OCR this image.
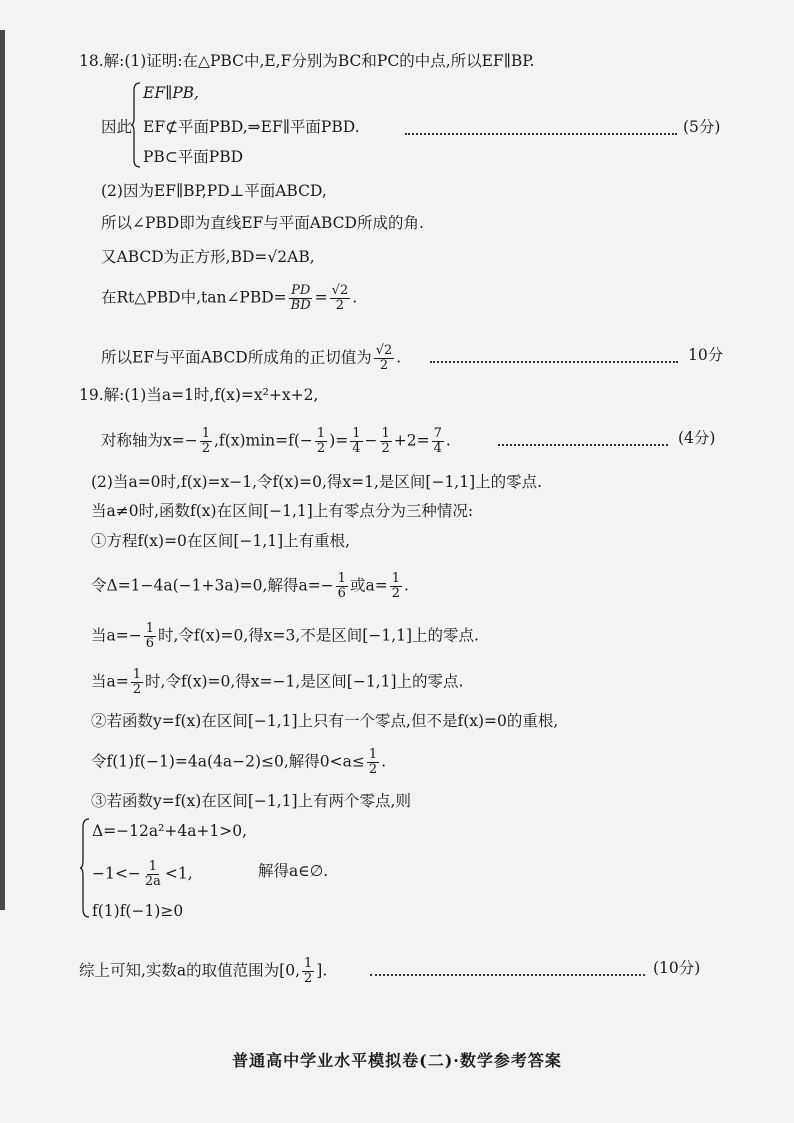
18.解:(1)证明:在△PBC中,E,F分别为BC和PC的中点,所以EF∥BP.
因此
EF∥PB,
EF⊄平面PBD,⇒EF∥平面PBD.
PB⊂平面PBD
(5分)
(2)因为EF∥BP,PD⊥平面ABCD,
所以∠PBD即为直线EF与平面ABCD所成的角.
又ABCD为正方形,BD=√2AB,
在Rt△PBD中,tan∠PBD= $\frac{PD}{BD} = \frac{√2}{2}$ .
所以EF与平面ABCD所成角的正切值为 $\frac{√2}{2}$ .	10分
19.解:(1)当a=1时,f(x)=x²+x+2,
对称轴为$x=- \frac{1}{2} ,f(x)\min=f(- \frac{1}{2}$ )= $\frac{1}{4} - \frac{1}{2} +2= \frac{7}{4}$ .	(4分)
(2)当a=0时,f(x)=x−1,令f(x)=0,得x=1,是区间[−1,1]上的零点.
当a≠0时,函数f(x)在区间[−1,1]上有零点分为三种情况:
①方程f(x)=0在区间[−1,1]上有重根,
令Δ=1−4a(−1+3a)=0,解得$a=- \frac{1}{6}$ 或$a= \frac{1}{2}$ .
当$a=- \frac{1}{6}$ 时,令f(x)=0,得x=3,不是区间[−1,1]上的零点.
当$a= \frac{1}{2}$ 时,令f(x)=0,得x=−1,是区间[−1,1]上的零点.
②若函数y=f(x)在区间[−1,1]上只有一个零点,但不是f(x)=0的重根,
令f(1)f(−1)=4a(4a−2)≤0,解得$0<a\le \frac{1}{2}$ .
③若函数y=f(x)在区间[−1,1]上有两个零点,则
Δ=−12a²+4a+1>0,
$-1<- \frac{1}{2a} <1$,	解得a∈∅.
f(1)f(−1)≥0
综上可知,实数a的取值范围为[0, $\frac{1}{2}$ ].	(10分)
普通高中学业水平模拟卷(二)·数学参考答案
